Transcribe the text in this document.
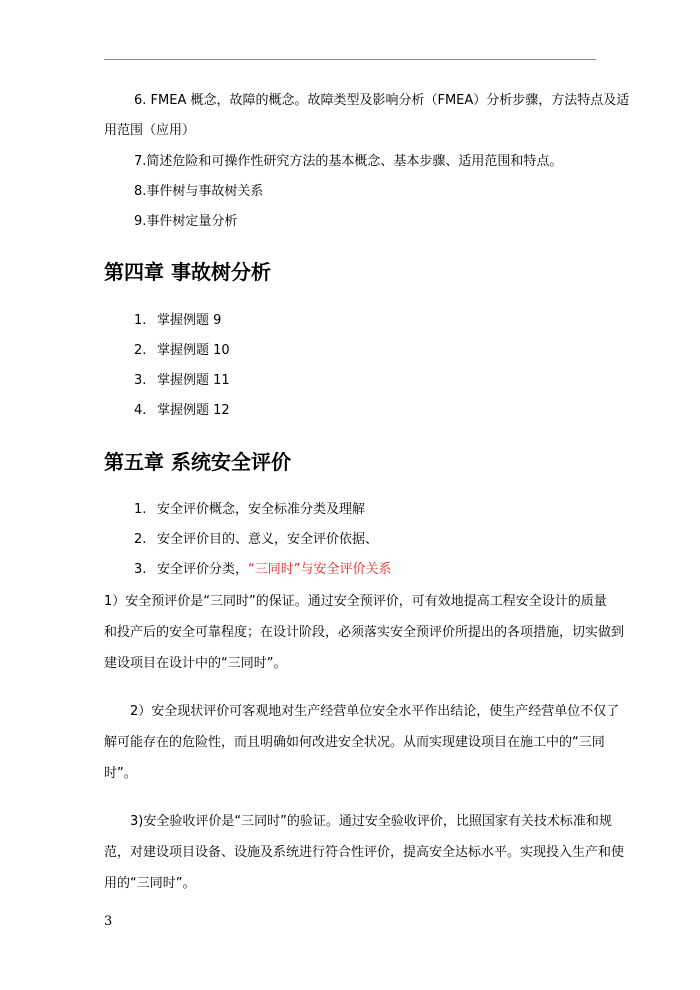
6. FMEA 概念，故障的概念。故障类型及影响分析（FMEA）分析步骤，方法特点及适
用范围（应用）
7.简述危险和可操作性研究方法的基本概念、基本步骤、适用范围和特点。
8.事件树与事故树关系
9.事件树定量分析
第四章 事故树分析
1. 掌握例题 9
2. 掌握例题 10
3. 掌握例题 11
4. 掌握例题 12
第五章 系统安全评价
1. 安全评价概念，安全标准分类及理解
2. 安全评价目的、意义，安全评价依据、
3. 安全评价分类，“三同时”与安全评价关系
1）安全预评价是“三同时”的保证。通过安全预评价，可有效地提高工程安全设计的质量
和投产后的安全可靠程度；在设计阶段，必须落实安全预评价所提出的各项措施，切实做到
建设项目在设计中的“三同时”。
2）安全现状评价可客观地对生产经营单位安全水平作出结论，使生产经营单位不仅了
解可能存在的危险性，而且明确如何改进安全状况。从而实现建设项目在施工中的“三同
时”。
3)安全验收评价是“三同时”的验证。通过安全验收评价，比照国家有关技术标准和规
范，对建设项目设备、设施及系统进行符合性评价，提高安全达标水平。实现投入生产和使
用的“三同时”。
3
